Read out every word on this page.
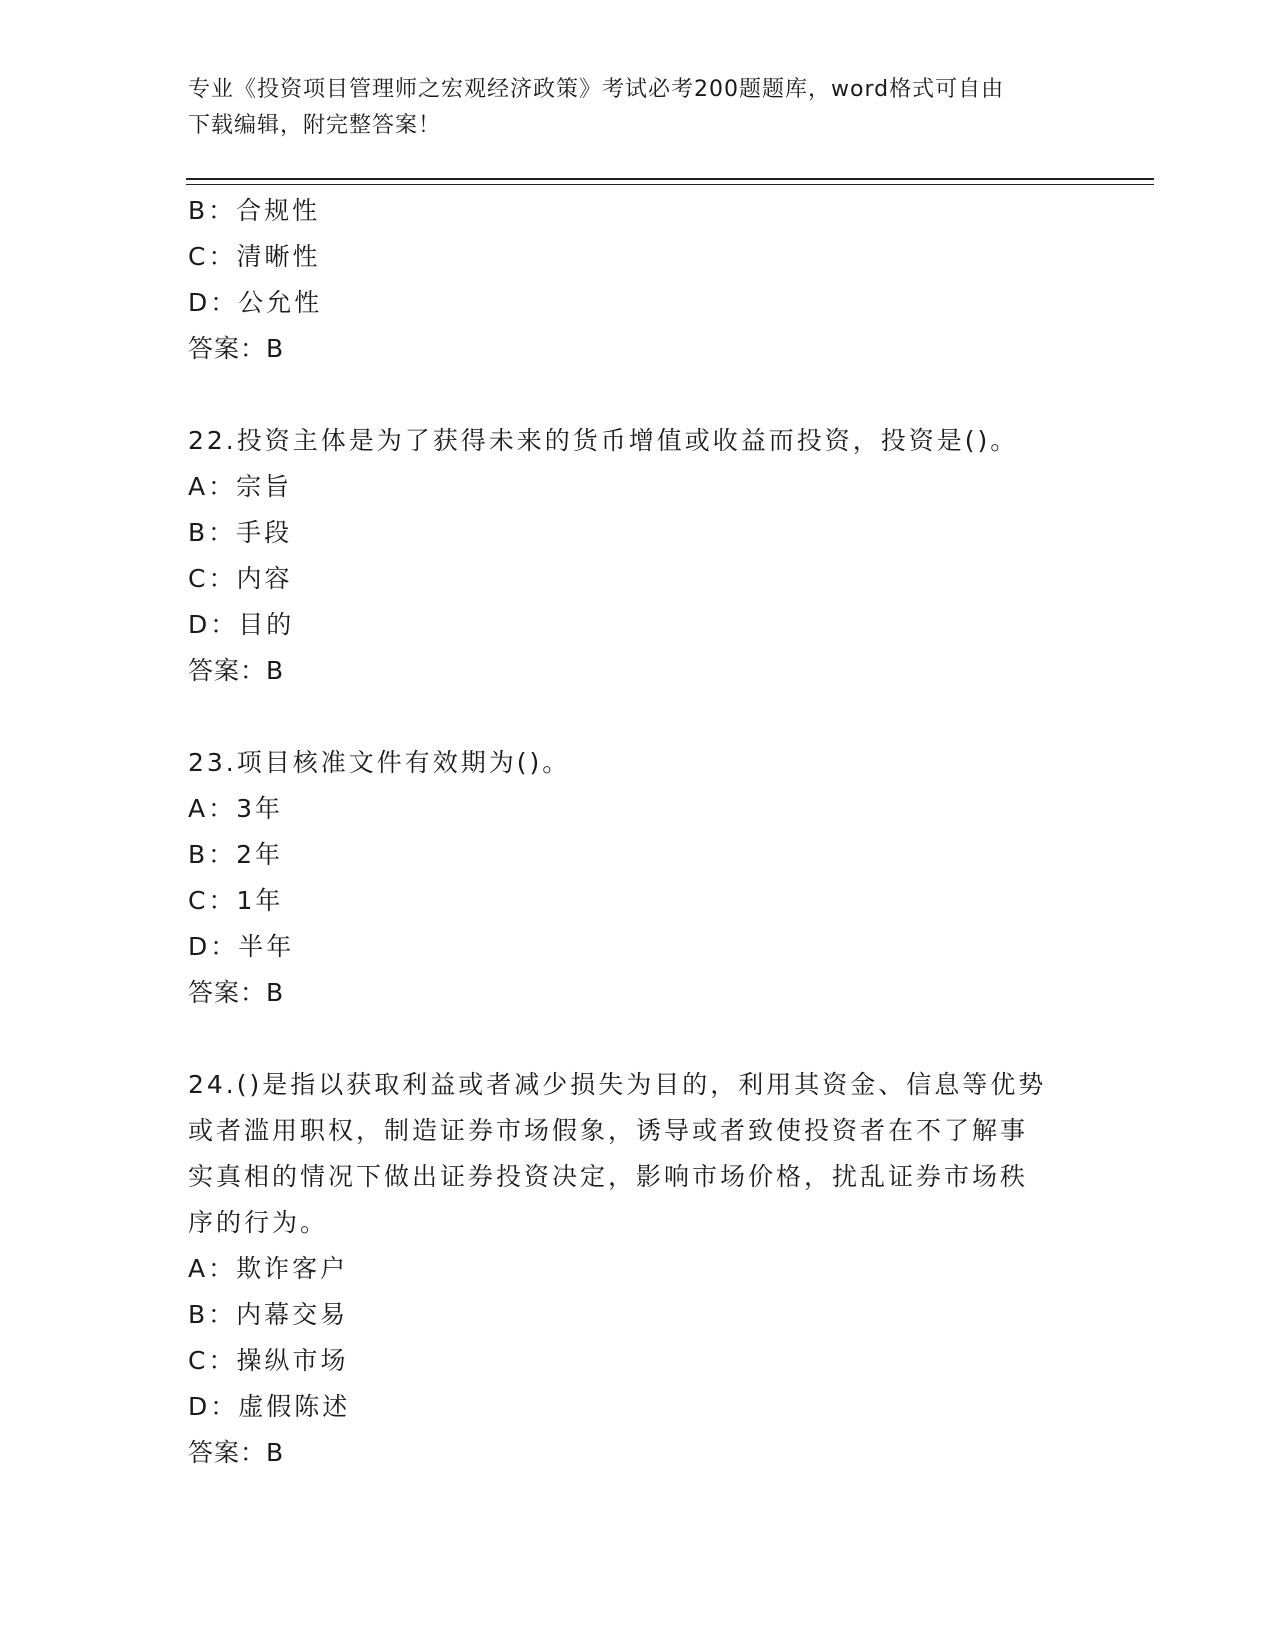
专业《投资项目管理师之宏观经济政策》考试必考200题题库，word格式可自由
下载编辑，附完整答案！
B：合规性
C：清晰性
D：公允性
答案：B
22.投资主体是为了获得未来的货币增值或收益而投资，投资是()。
A：宗旨
B：手段
C：内容
D：目的
答案：B
23.项目核准文件有效期为()。
A：3年
B：2年
C：1年
D：半年
答案：B
24.()是指以获取利益或者减少损失为目的，利用其资金、信息等优势
或者滥用职权，制造证券市场假象，诱导或者致使投资者在不了解事
实真相的情况下做出证券投资决定，影响市场价格，扰乱证券市场秩
序的行为。
A：欺诈客户
B：内幕交易
C：操纵市场
D：虚假陈述
答案：B
